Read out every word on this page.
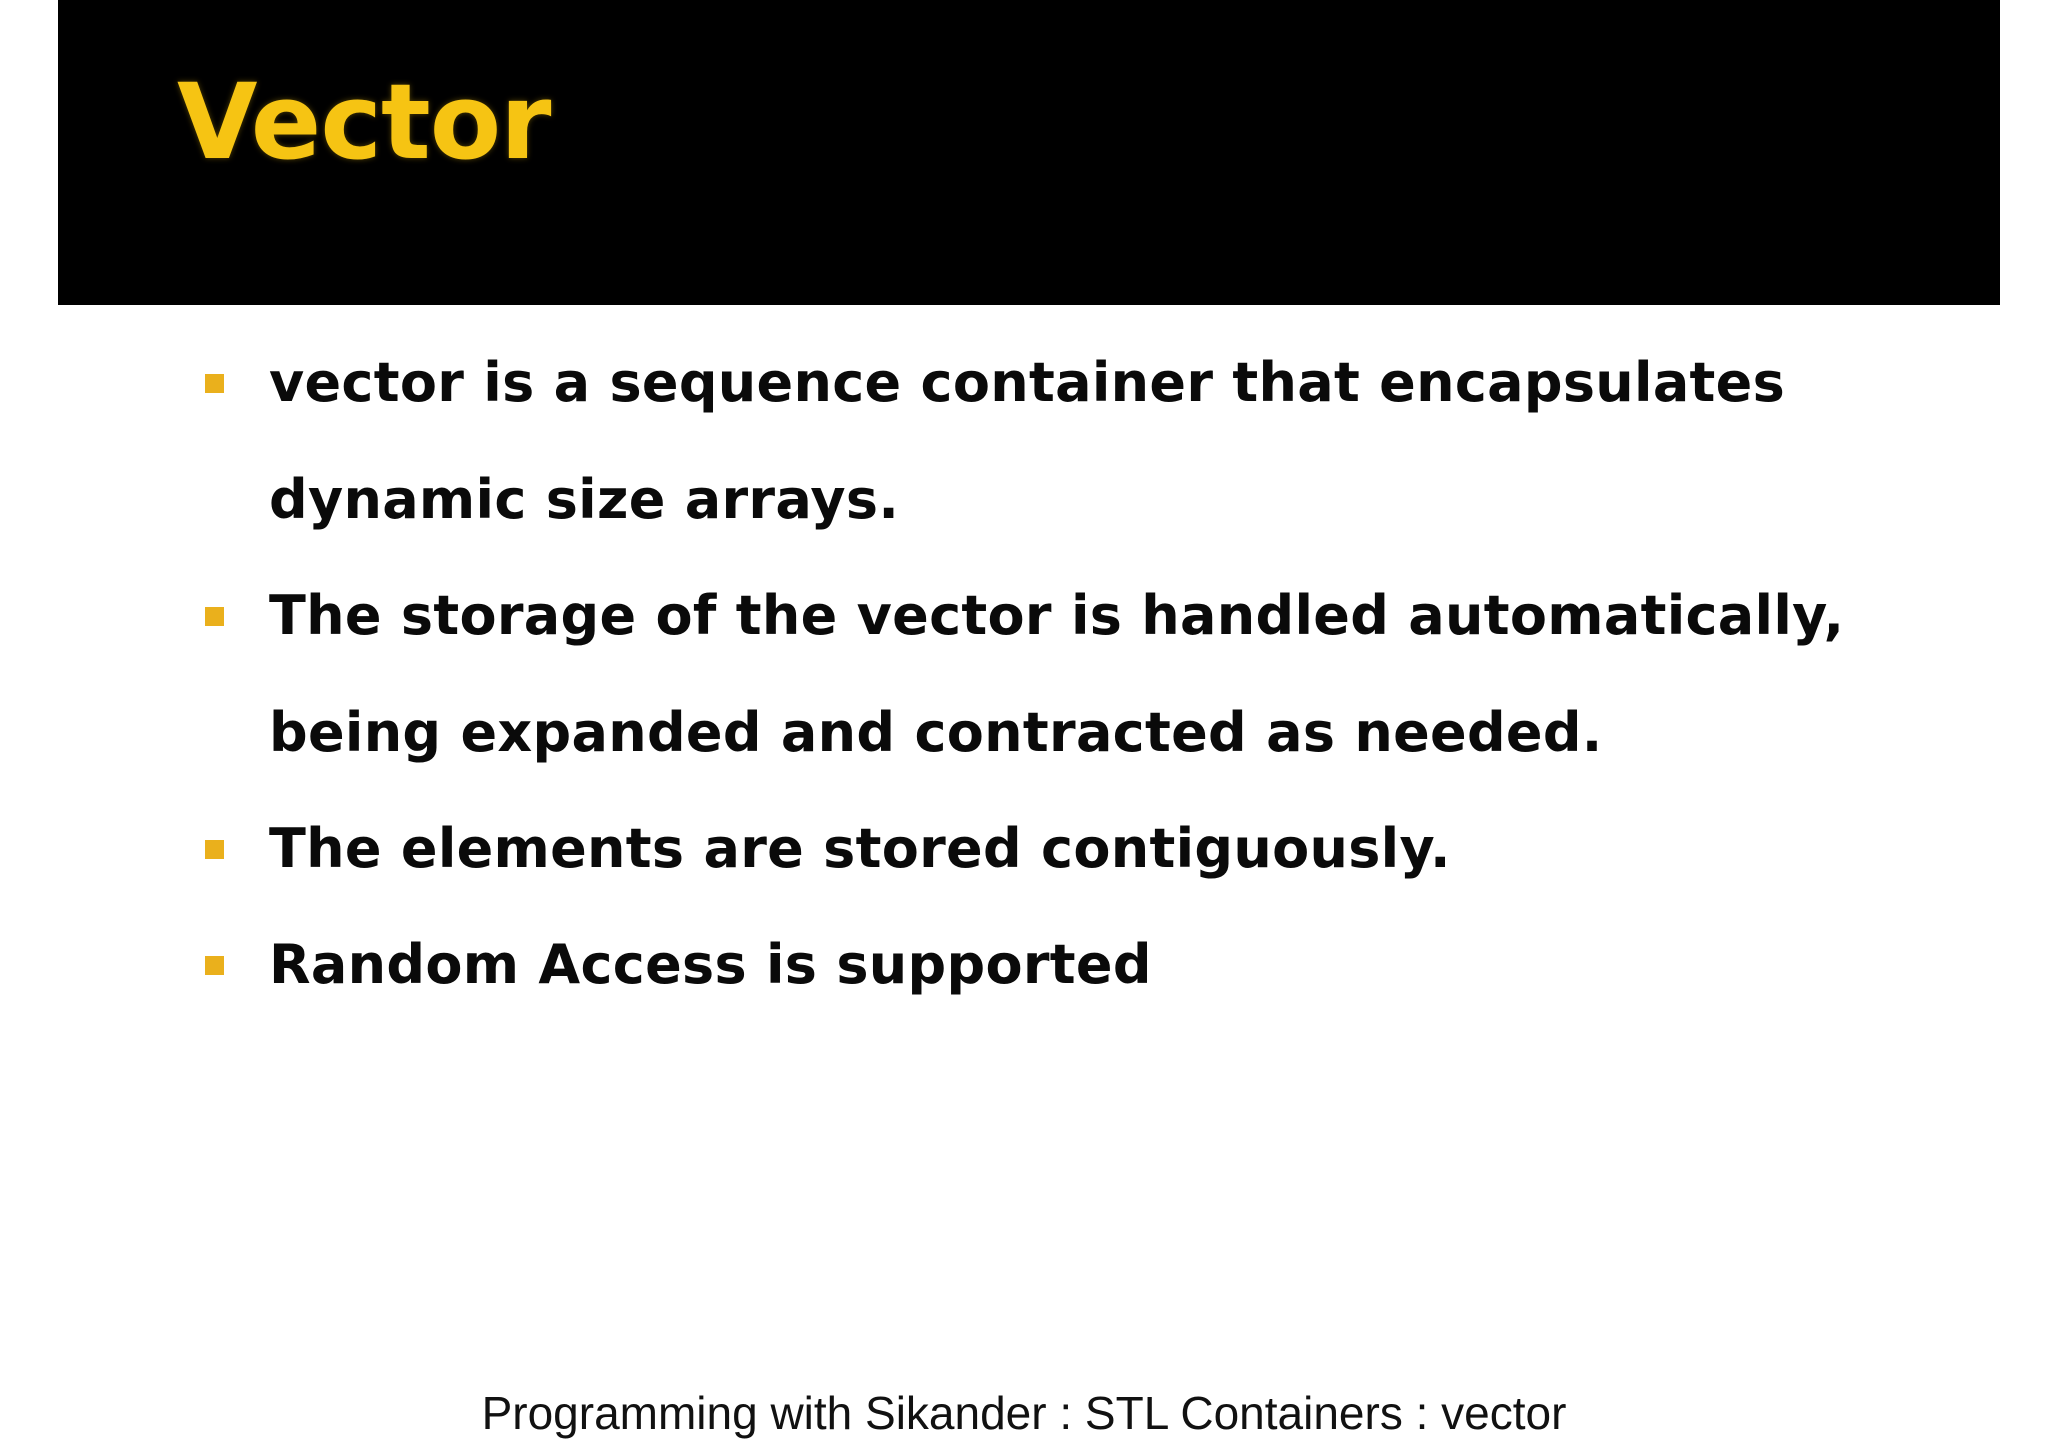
Vector
vector is a sequence container that encapsulates dynamic size arrays.
The storage of the vector is handled automatically, being expanded and contracted as needed.
The elements are stored contiguously.
Random Access is supported
Programming with Sikander : STL Containers : vector
